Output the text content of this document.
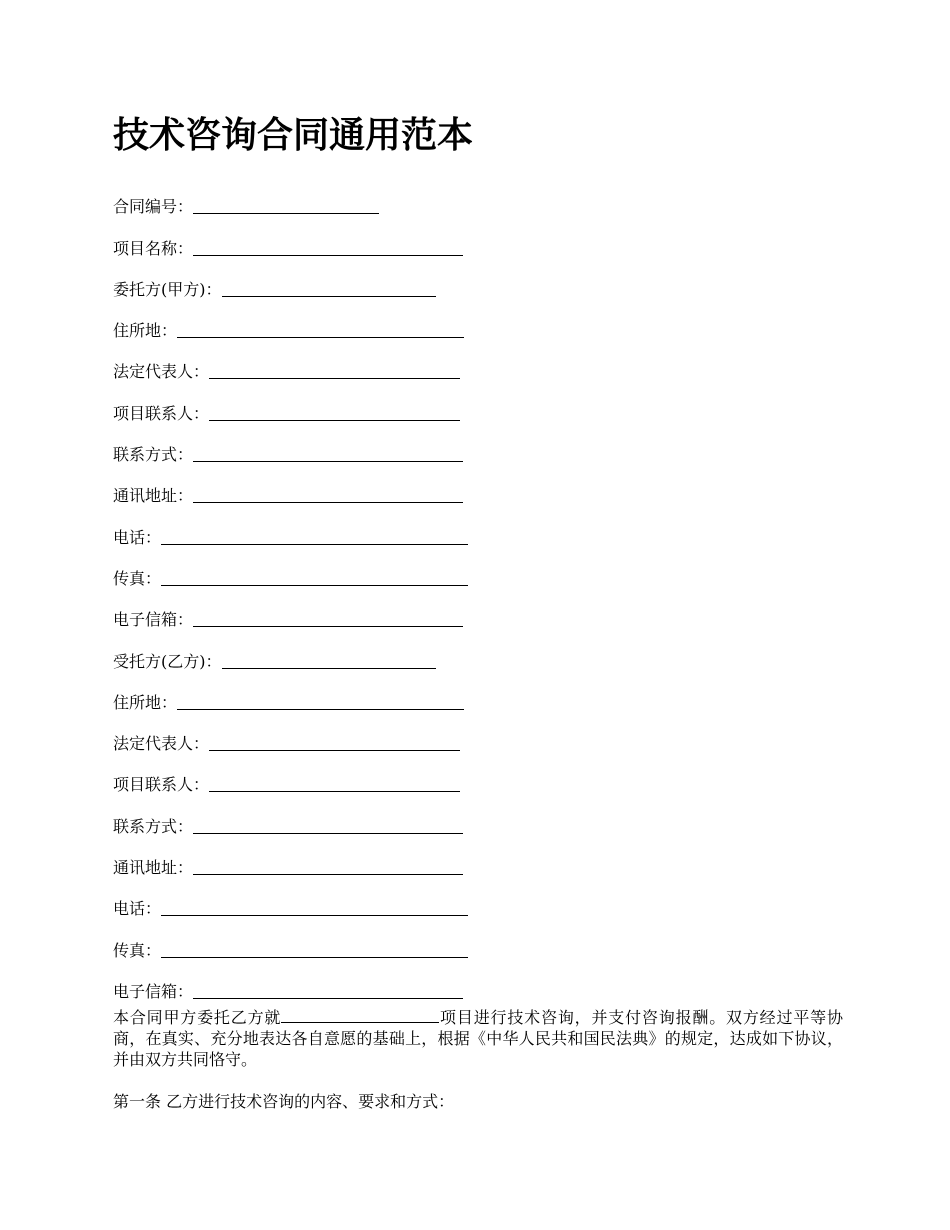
技术咨询合同通用范本
合同编号：
项目名称：
委托方(甲方)：
住所地：
法定代表人：
项目联系人：
联系方式：
通讯地址：
电话：
传真：
电子信箱：
受托方(乙方)：
住所地：
法定代表人：
项目联系人：
联系方式：
通讯地址：
电话：
传真：
电子信箱：

本合同甲方委托乙方就	项目进行技术咨询，并支付咨询报酬。双方经过平等协商，在真实、充分地表达各自意愿的基础上，根据《中华人民共和国民法典》的规定，达成如下协议，并由双方共同恪守。

第一条 乙方进行技术咨询的内容、要求和方式：
